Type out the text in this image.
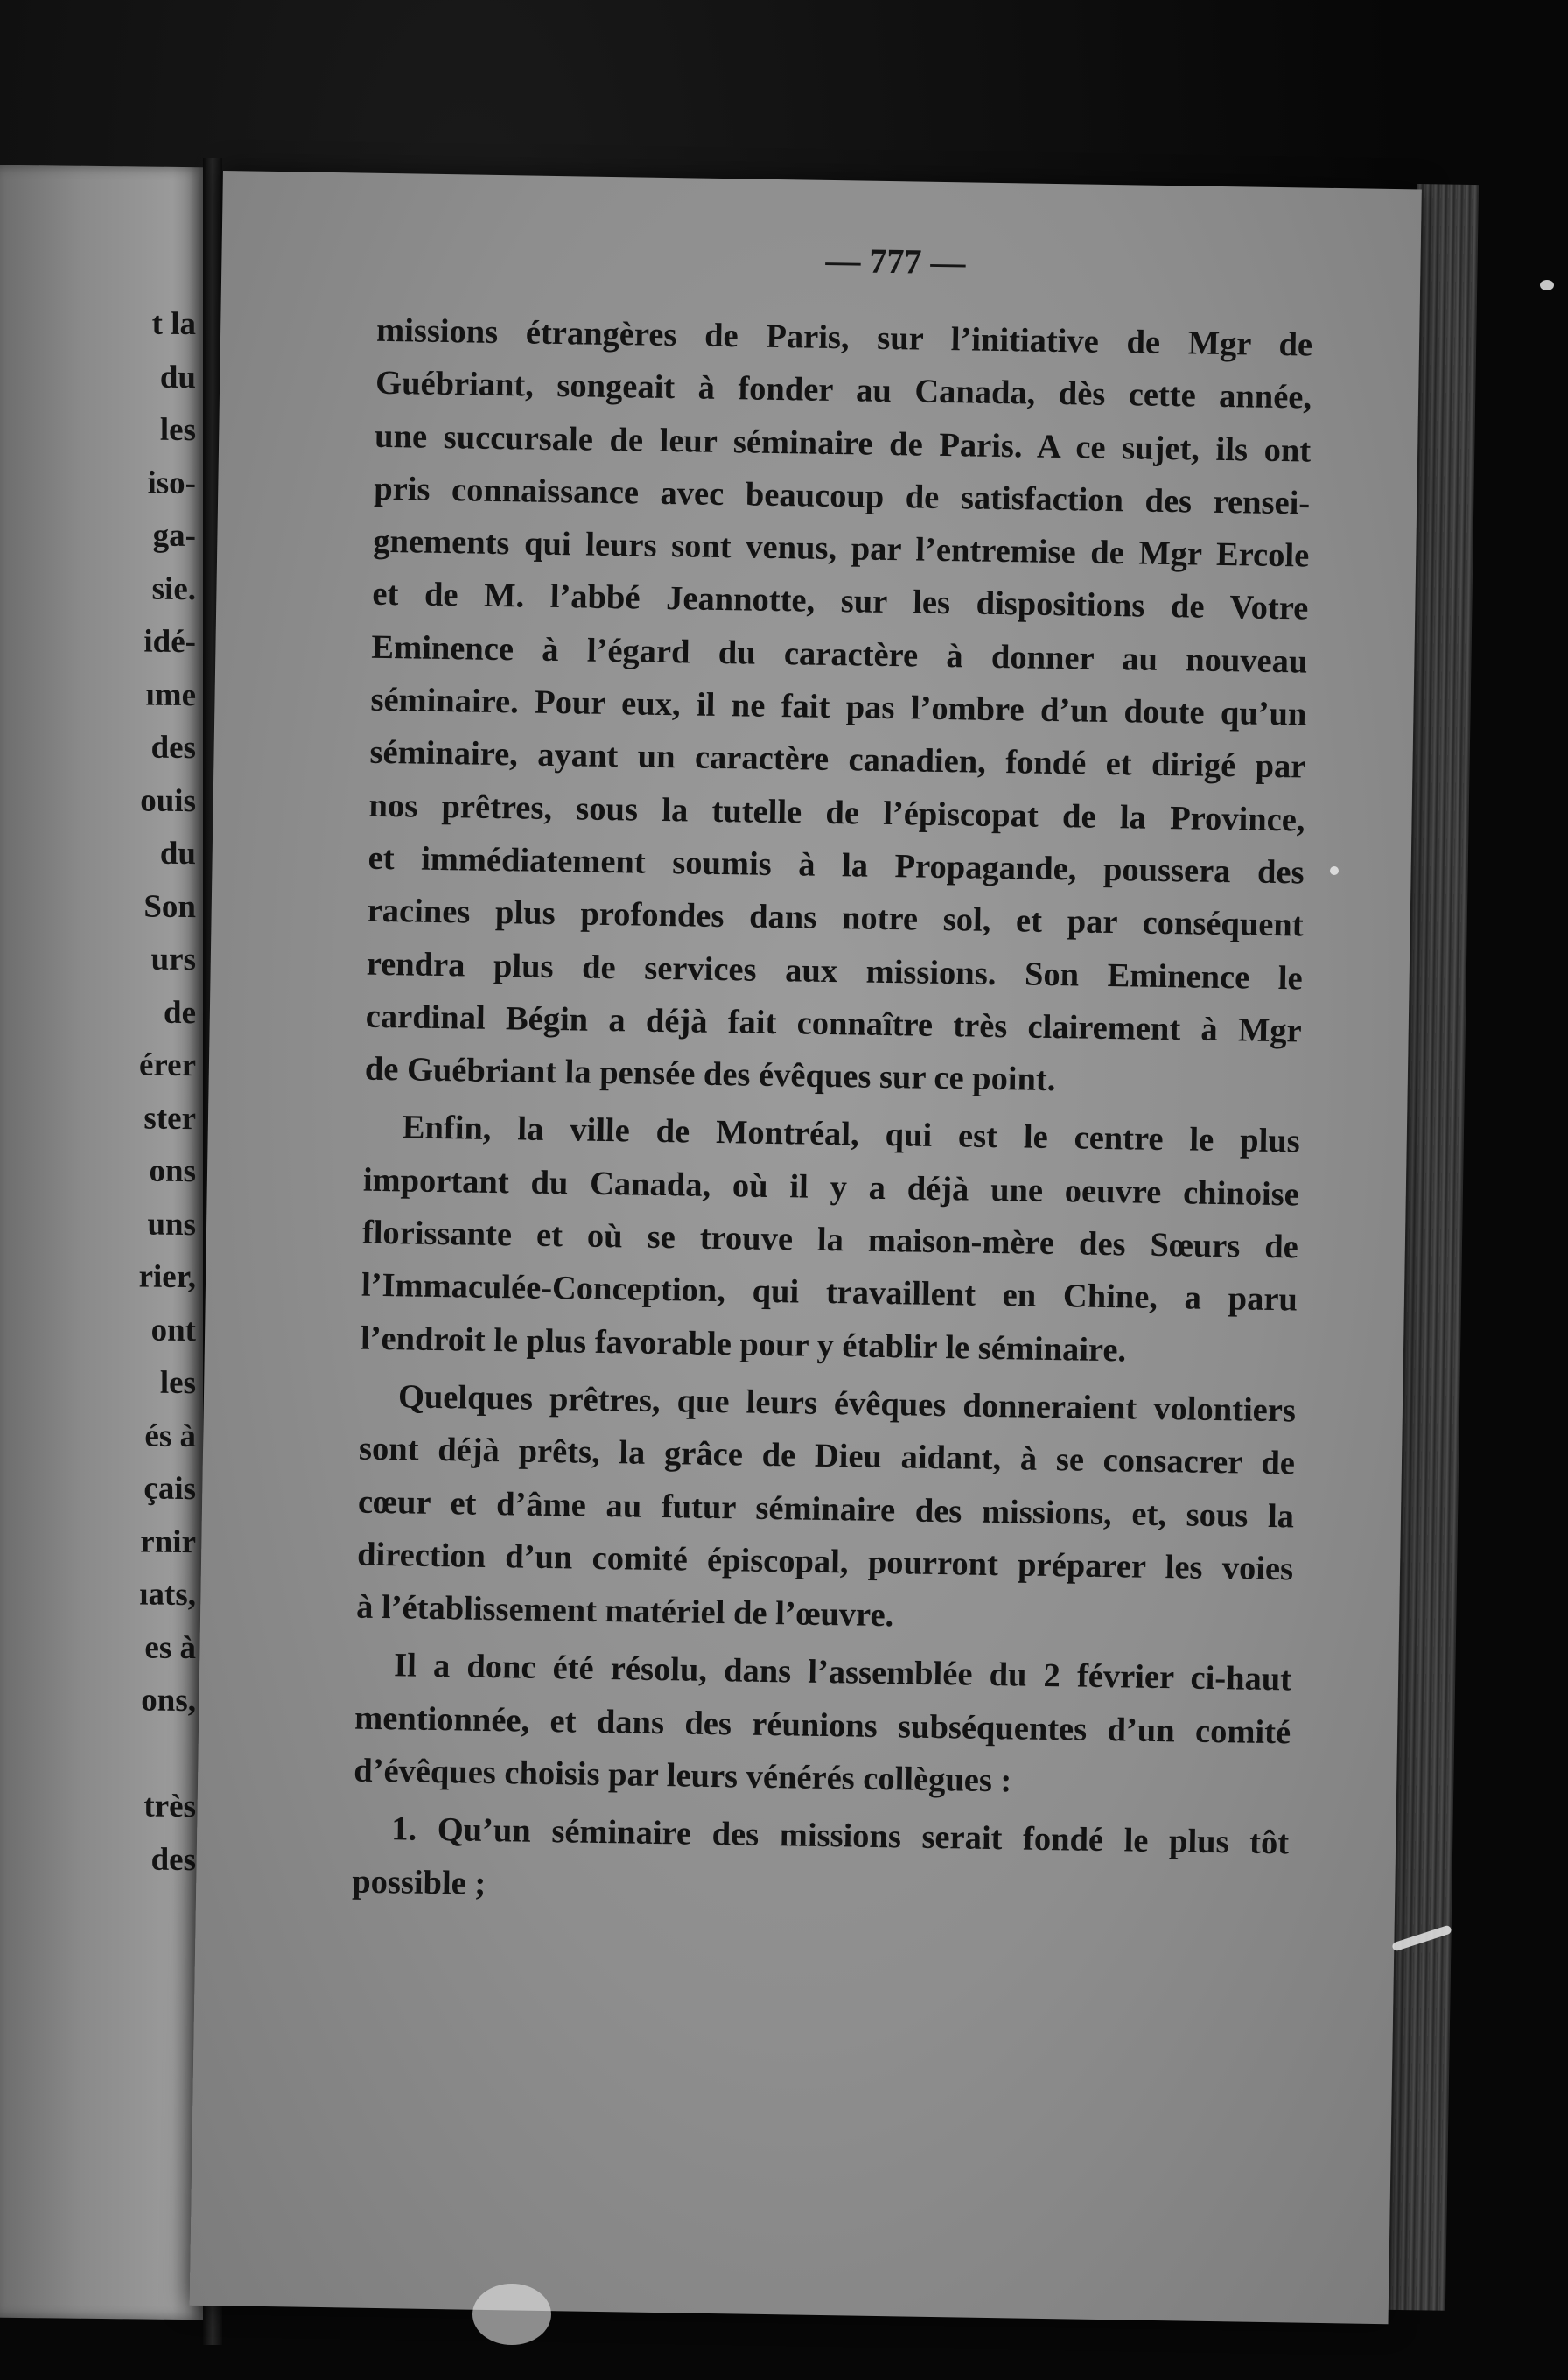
t la
du
les
iso-
ga-
sie.
idé-
ıme
des
ouis
du
Son
urs
de
érer
ster
ons
uns
rier,
ont
les
és à
çais
rnir
ıats,
es à
ons,
très
des

— 777 —

missions étrangères de Paris, sur l’initiative de Mgr de
Guébriant, songeait à fonder au Canada, dès cette année,
une succursale de leur séminaire de Paris. A ce sujet, ils ont
pris connaissance avec beaucoup de satisfaction des rensei-
gnements qui leurs sont venus, par l’entremise de Mgr Ercole
et de M. l’abbé Jeannotte, sur les dispositions de Votre
Eminence à l’égard du caractère à donner au nouveau
séminaire. Pour eux, il ne fait pas l’ombre d’un doute qu’un
séminaire, ayant un caractère canadien, fondé et dirigé par
nos prêtres, sous la tutelle de l’épiscopat de la Province,
et immédiatement soumis à la Propagande, poussera des
racines plus profondes dans notre sol, et par conséquent
rendra plus de services aux missions. Son Eminence le
cardinal Bégin a déjà fait connaître très clairement à Mgr
de Guébriant la pensée des évêques sur ce point.

Enfin, la ville de Montréal, qui est le centre le plus
important du Canada, où il y a déjà une oeuvre chinoise
florissante et où se trouve la maison-mère des Sœurs de
l’Immaculée-Conception, qui travaillent en Chine, a paru
l’endroit le plus favorable pour y établir le séminaire.

Quelques prêtres, que leurs évêques donneraient volontiers
sont déjà prêts, la grâce de Dieu aidant, à se consacrer de
cœur et d’âme au futur séminaire des missions, et, sous la
direction d’un comité épiscopal, pourront préparer les voies
à l’établissement matériel de l’œuvre.

Il a donc été résolu, dans l’assemblée du 2 février ci-haut
mentionnée, et dans des réunions subséquentes d’un comité
d’évêques choisis par leurs vénérés collègues :

1. Qu’un séminaire des missions serait fondé le plus tôt
possible ;
